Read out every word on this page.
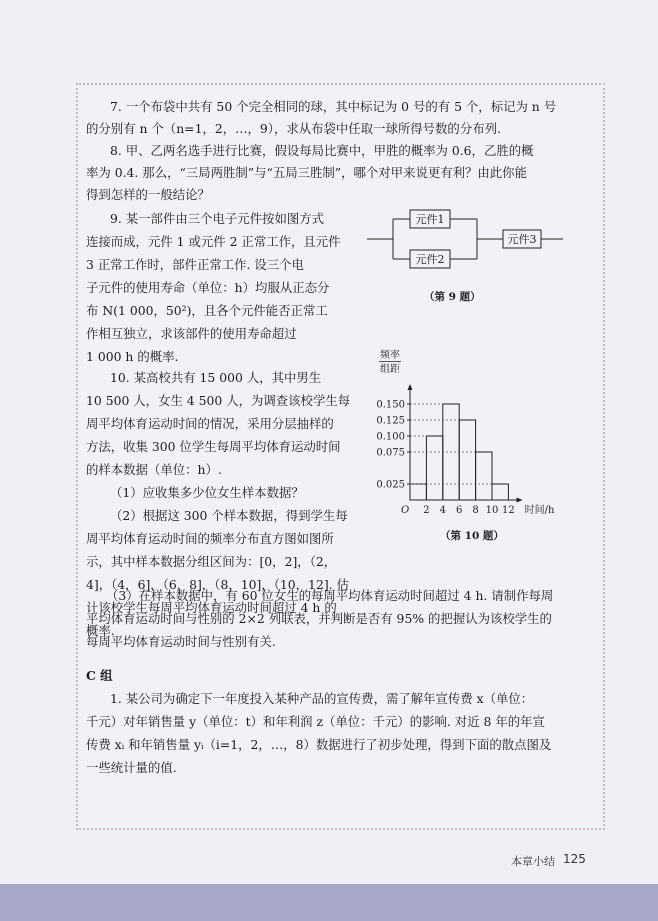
7. 一个布袋中共有 50 个完全相同的球，其中标记为 0 号的有 5 个，标记为 n 号
的分别有 n 个（n=1，2，…，9），求从布袋中任取一球所得号数的分布列.
8. 甲、乙两名选手进行比赛，假设每局比赛中，甲胜的概率为 0.6，乙胜的概
率为 0.4. 那么，“三局两胜制”与“五局三胜制”，哪个对甲来说更有利？由此你能
得到怎样的一般结论？
9. 某一部件由三个电子元件按如图方式
连接而成，元件 1 或元件 2 正常工作，且元件
3 正常工作时，部件正常工作. 设三个电
子元件的使用寿命（单位：h）均服从正态分
布 N(1 000，50²)，且各个元件能否正常工
作相互独立，求该部件的使用寿命超过
1 000 h 的概率.
元件1
元件2
元件3
（第 9 题）
10. 某高校共有 15 000 人，其中男生
10 500 人，女生 4 500 人，为调查该校学生每
周平均体育运动时间的情况，采用分层抽样的
方法，收集 300 位学生每周平均体育运动时间
的样本数据（单位：h）.
（1）应收集多少位女生样本数据？
（2）根据这 300 个样本数据，得到学生每
周平均体育运动时间的频率分布直方图如图所
示，其中样本数据分组区间为：[0，2]，（2，
4]，（4，6]，（6，8]，（8，10]，（10，12]. 估
计该校学生每周平均体育运动时间超过 4 h 的
概率.
0.025
0.075
0.100
0.125
0.150
2 4 6 8 10 12
O	时间/h
频率
组距
（第 10 题）
（3）在样本数据中，有 60 位女生的每周平均体育运动时间超过 4 h. 请制作每周
平均体育运动时间与性别的 2×2 列联表，并判断是否有 95% 的把握认为该校学生的
每周平均体育运动时间与性别有关.
C 组
1. 某公司为确定下一年度投入某种产品的宣传费，需了解年宣传费 x（单位：
千元）对年销售量 y（单位：t）和年利润 z（单位：千元）的影响. 对近 8 年的年宣
传费 xᵢ 和年销售量 yᵢ（i=1，2，…，8）数据进行了初步处理，得到下面的散点图及
一些统计量的值.
本章小结 125
